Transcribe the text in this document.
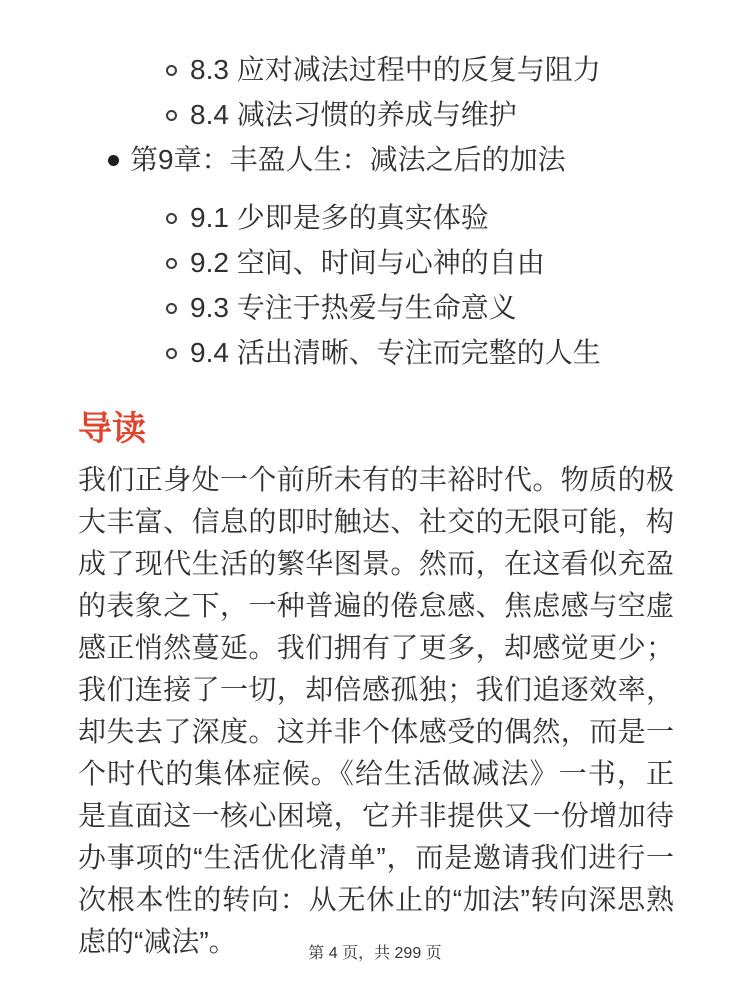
8.3 应对减法过程中的反复与阻力
8.4 减法习惯的养成与维护
第9章：丰盈人生：减法之后的加法
9.1 少即是多的真实体验
9.2 空间、时间与心神的自由
9.3 专注于热爱与生命意义
9.4 活出清晰、专注而完整的人生
导读

我们正身处一个前所未有的丰裕时代。物质的极大丰富、信息的即时触达、社交的无限可能，构成了现代生活的繁华图景。然而，在这看似充盈的表象之下，一种普遍的倦怠感、焦虑感与空虚感正悄然蔓延。我们拥有了更多，却感觉更少；我们连接了一切，却倍感孤独；我们追逐效率，却失去了深度。这并非个体感受的偶然，而是一个时代的集体症候。《给生活做减法》一书，正是直面这一核心困境，它并非提供又一份增加待办事项的“生活优化清单”，而是邀请我们进行一次根本性的转向：从无休止的“加法”转向深思熟虑的“减法”。	第 4 页，共 299 页
